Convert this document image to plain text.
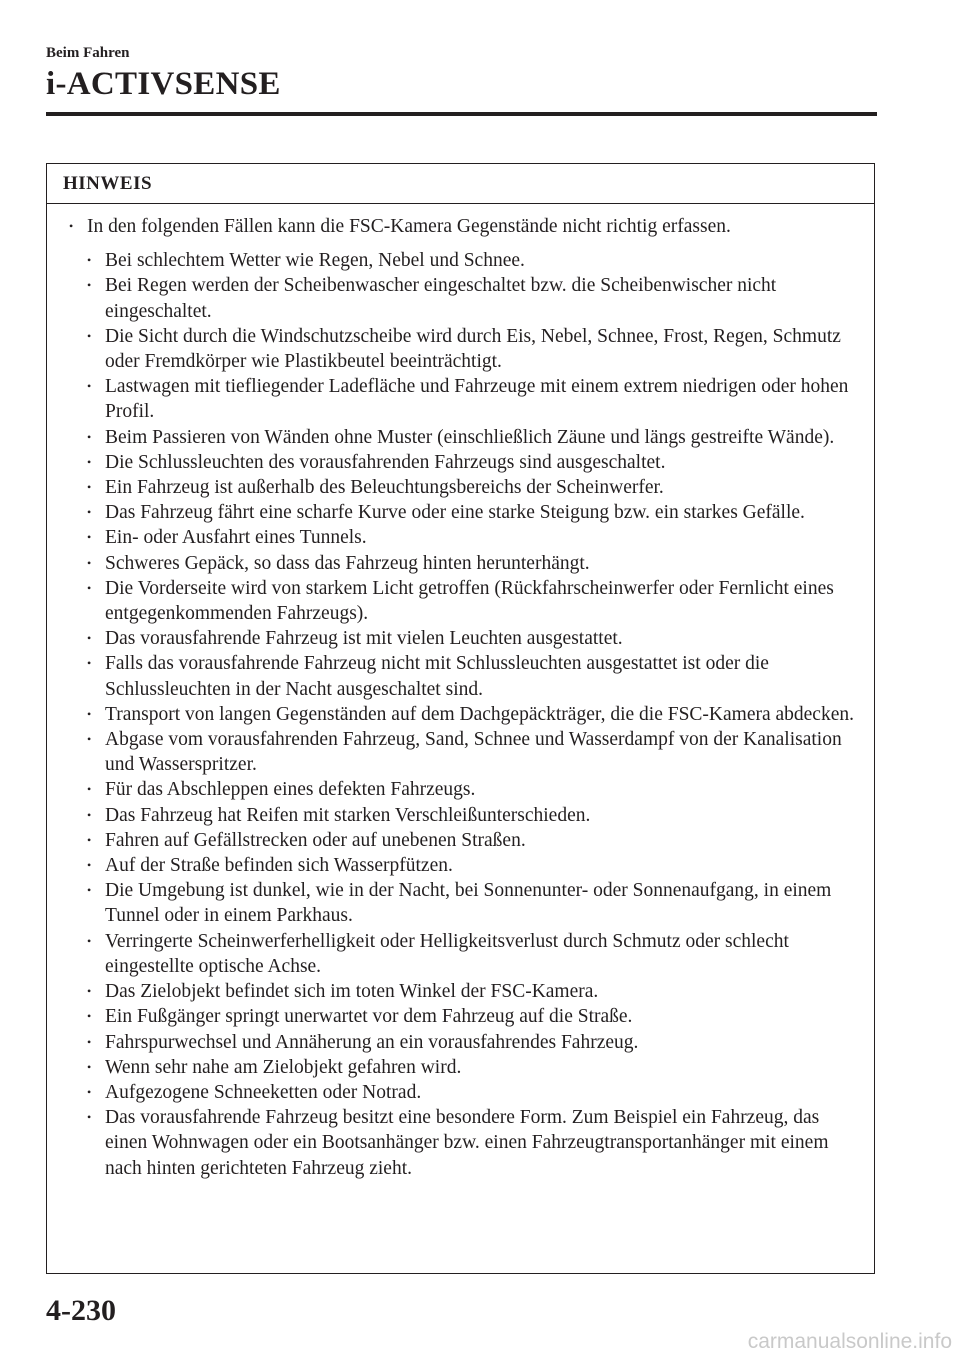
Beim Fahren
i-ACTIVSENSE
HINWEIS
• In den folgenden Fällen kann die FSC-Kamera Gegenstände nicht richtig erfassen.
• Bei schlechtem Wetter wie Regen, Nebel und Schnee.
• Bei Regen werden der Scheibenwascher eingeschaltet bzw. die Scheibenwischer nicht eingeschaltet.
• Die Sicht durch die Windschutzscheibe wird durch Eis, Nebel, Schnee, Frost, Regen, Schmutz oder Fremdkörper wie Plastikbeutel beeinträchtigt.
• Lastwagen mit tiefliegender Ladefläche und Fahrzeuge mit einem extrem niedrigen oder hohen Profil.
• Beim Passieren von Wänden ohne Muster (einschließlich Zäune und längs gestreifte Wände).
• Die Schlussleuchten des vorausfahrenden Fahrzeugs sind ausgeschaltet.
• Ein Fahrzeug ist außerhalb des Beleuchtungsbereichs der Scheinwerfer.
• Das Fahrzeug fährt eine scharfe Kurve oder eine starke Steigung bzw. ein starkes Gefälle.
• Ein- oder Ausfahrt eines Tunnels.
• Schweres Gepäck, so dass das Fahrzeug hinten herunterhängt.
• Die Vorderseite wird von starkem Licht getroffen (Rückfahrscheinwerfer oder Fernlicht eines entgegenkommenden Fahrzeugs).
• Das vorausfahrende Fahrzeug ist mit vielen Leuchten ausgestattet.
• Falls das vorausfahrende Fahrzeug nicht mit Schlussleuchten ausgestattet ist oder die Schlussleuchten in der Nacht ausgeschaltet sind.
• Transport von langen Gegenständen auf dem Dachgepäckträger, die die FSC-Kamera abdecken.
• Abgase vom vorausfahrenden Fahrzeug, Sand, Schnee und Wasserdampf von der Kanalisation und Wasserspritzer.
• Für das Abschleppen eines defekten Fahrzeugs.
• Das Fahrzeug hat Reifen mit starken Verschleißunterschieden.
• Fahren auf Gefällstrecken oder auf unebenen Straßen.
• Auf der Straße befinden sich Wasserpfützen.
• Die Umgebung ist dunkel, wie in der Nacht, bei Sonnenunter- oder Sonnenaufgang, in einem Tunnel oder in einem Parkhaus.
• Verringerte Scheinwerferhelligkeit oder Helligkeitsverlust durch Schmutz oder schlecht eingestellte optische Achse.
• Das Zielobjekt befindet sich im toten Winkel der FSC-Kamera.
• Ein Fußgänger springt unerwartet vor dem Fahrzeug auf die Straße.
• Fahrspurwechsel und Annäherung an ein vorausfahrendes Fahrzeug.
• Wenn sehr nahe am Zielobjekt gefahren wird.
• Aufgezogene Schneeketten oder Notrad.
• Das vorausfahrende Fahrzeug besitzt eine besondere Form. Zum Beispiel ein Fahrzeug, das einen Wohnwagen oder ein Bootsanhänger bzw. einen Fahrzeugtransportanhänger mit einem nach hinten gerichteten Fahrzeug zieht.
4-230
carmanualsonline.info
